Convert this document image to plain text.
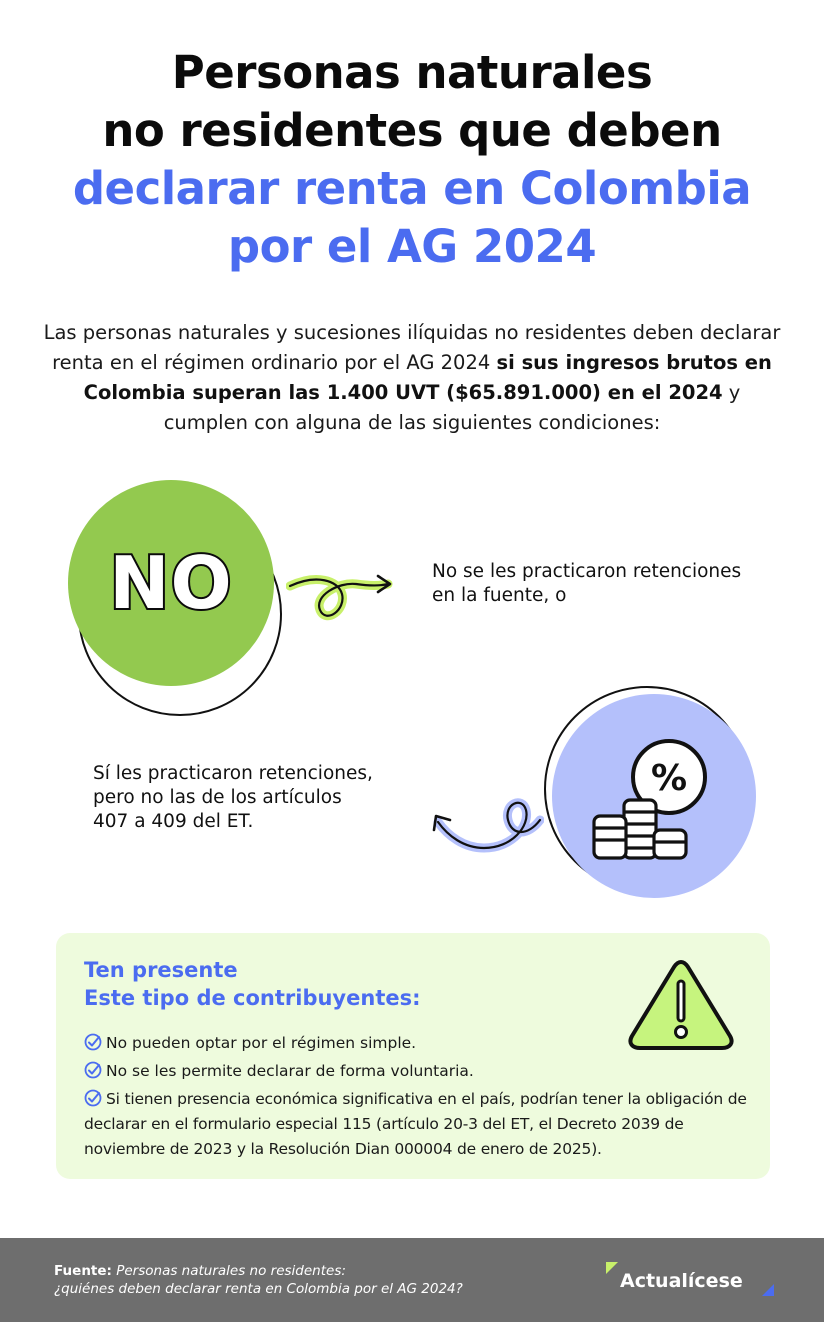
Personas naturales
no residentes que deben
declarar renta en Colombia
por el AG 2024

Las personas naturales y sucesiones ilíquidas no residentes deben declarar renta en el régimen ordinario por el AG 2024 si sus ingresos brutos en Colombia superan las 1.400 UVT ($65.891.000) en el 2024 y cumplen con alguna de las siguientes condiciones:

NO	No se les practicaron retenciones
en la fuente, o
Sí les practicaron retenciones,
pero no las de los artículos
407 a 409 del ET.
%
Ten presente
Este tipo de contribuyentes:
No pueden optar por el régimen simple.
No se les permite declarar de forma voluntaria.
Si tienen presencia económica significativa en el país, podrían tener la obligación de declarar en el formulario especial 115 (artículo 20-3 del ET, el Decreto 2039 de noviembre de 2023 y la Resolución Dian 000004 de enero de 2025).
Fuente: Personas naturales no residentes:
¿quiénes deben declarar renta en Colombia por el AG 2024?	Actualícese
